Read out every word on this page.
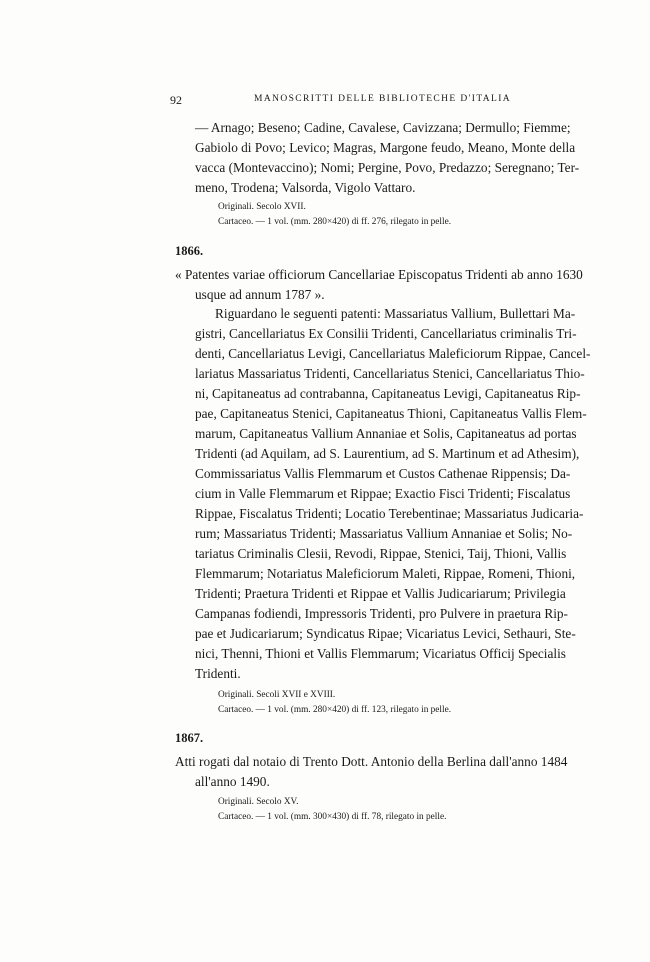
92	MANOSCRITTI DELLE BIBLIOTECHE D'ITALIA
— Arnago; Beseno; Cadine, Cavalese, Cavizzana; Dermullo; Fiemme;
Gabiolo di Povo; Levico; Magras, Margone feudo, Meano, Monte della
vacca (Montevaccino); Nomi; Pergine, Povo, Predazzo; Seregnano; Ter-
meno, Trodena; Valsorda, Vigolo Vattaro.
Originali. Secolo XVII.
Cartaceo. — 1 vol. (mm. 280×420) di ff. 276, rilegato in pelle.
1866.
« Patentes variae officiorum Cancellariae Episcopatus Tridenti ab anno 1630
usque ad annum 1787 ».
Riguardano le seguenti patenti: Massariatus Vallium, Bullettari Ma-
gistri, Cancellariatus Ex Consilii Tridenti, Cancellariatus criminalis Tri-
denti, Cancellariatus Levigi, Cancellariatus Maleficiorum Rippae, Cancel-
lariatus Massariatus Tridenti, Cancellariatus Stenici, Cancellariatus Thio-
ni, Capitaneatus ad contrabanna, Capitaneatus Levigi, Capitaneatus Rip-
pae, Capitaneatus Stenici, Capitaneatus Thioni, Capitaneatus Vallis Flem-
marum, Capitaneatus Vallium Annaniae et Solis, Capitaneatus ad portas
Tridenti (ad Aquilam, ad S. Laurentium, ad S. Martinum et ad Athesim),
Commissariatus Vallis Flemmarum et Custos Cathenae Rippensis; Da-
cium in Valle Flemmarum et Rippae; Exactio Fisci Tridenti; Fiscalatus
Rippae, Fiscalatus Tridenti; Locatio Terebentinae; Massariatus Judicaria-
rum; Massariatus Tridenti; Massariatus Vallium Annaniae et Solis; No-
tariatus Criminalis Clesii, Revodi, Rippae, Stenici, Taij, Thioni, Vallis
Flemmarum; Notariatus Maleficiorum Maleti, Rippae, Romeni, Thioni,
Tridenti; Praetura Tridenti et Rippae et Vallis Judicariarum; Privilegia
Campanas fodiendi, Impressoris Tridenti, pro Pulvere in praetura Rip-
pae et Judicariarum; Syndicatus Ripae; Vicariatus Levici, Sethauri, Ste-
nici, Thenni, Thioni et Vallis Flemmarum; Vicariatus Officij Specialis
Tridenti.
Originali. Secoli XVII e XVIII.
Cartaceo. — 1 vol. (mm. 280×420) di ff. 123, rilegato in pelle.
1867.
Atti rogati dal notaio di Trento Dott. Antonio della Berlina dall'anno 1484
all'anno 1490.
Originali. Secolo XV.
Cartaceo. — 1 vol. (mm. 300×430) di ff. 78, rilegato in pelle.
